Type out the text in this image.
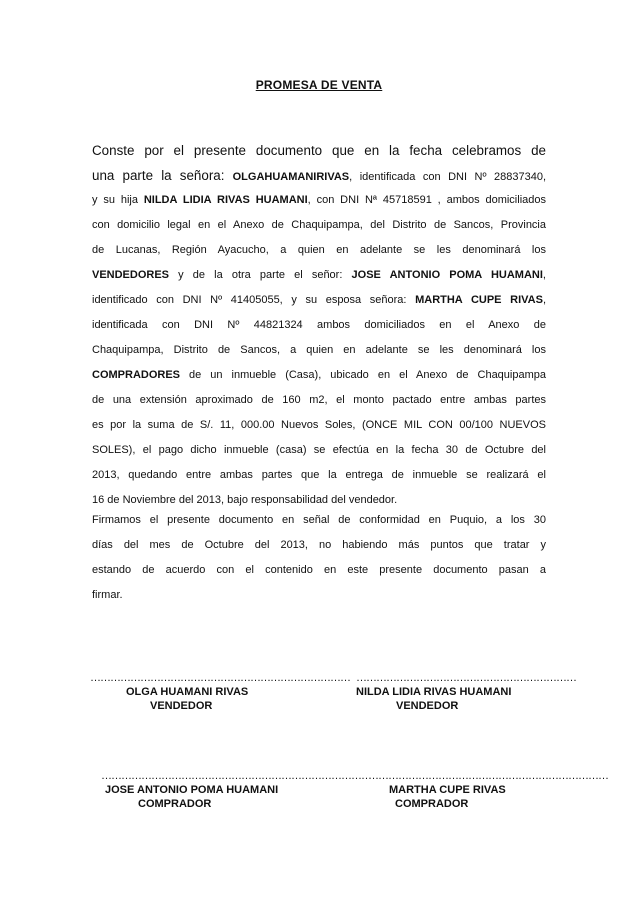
PROMESA DE VENTA
Conste por el presente documento que en la fecha celebramos de
una parte la señora: OLGAHUAMANIRIVAS, identificada con DNI Nº 28837340,
y su hija NILDA LIDIA RIVAS HUAMANI, con DNI Nª 45718591 , ambos domiciliados
con domicilio legal en el Anexo de Chaquipampa, del Distrito de Sancos, Provincia
de Lucanas, Región Ayacucho, a quien en adelante se les denominará los
VENDEDORES y de la otra parte el señor: JOSE ANTONIO POMA HUAMANI,
identificado con DNI Nº 41405055, y su esposa señora: MARTHA CUPE RIVAS,
identificada con DNI Nº 44821324 ambos domiciliados en el Anexo de
Chaquipampa, Distrito de Sancos, a quien en adelante se les denominará los
COMPRADORES de un inmueble (Casa), ubicado en el Anexo de Chaquipampa
de una extensión aproximado de 160 m2, el monto pactado entre ambas partes
es por la suma de S/. 11, 000.00 Nuevos Soles, (ONCE MIL CON 00/100 NUEVOS
SOLES), el pago dicho inmueble (casa) se efectúa en la fecha 30 de Octubre del
2013, quedando entre ambas partes que la entrega de inmueble se realizará el
16 de Noviembre del 2013, bajo responsabilidad del vendedor.
Firmamos el presente documento en señal de conformidad en Puquio, a los 30
días del mes de Octubre del 2013, no habiendo más puntos que tratar y
estando de acuerdo con el contenido en este presente documento pasan a
firmar.
……………………………………………………………………
OLGA HUAMANI RIVAS
VENDEDOR
…………………………………………………………
NILDA LIDIA RIVAS HUAMANI
VENDEDOR
………………………………………………………………………
JOSE ANTONIO POMA HUAMANI
COMPRADOR
………………………………………………………………
MARTHA CUPE RIVAS
COMPRADOR
